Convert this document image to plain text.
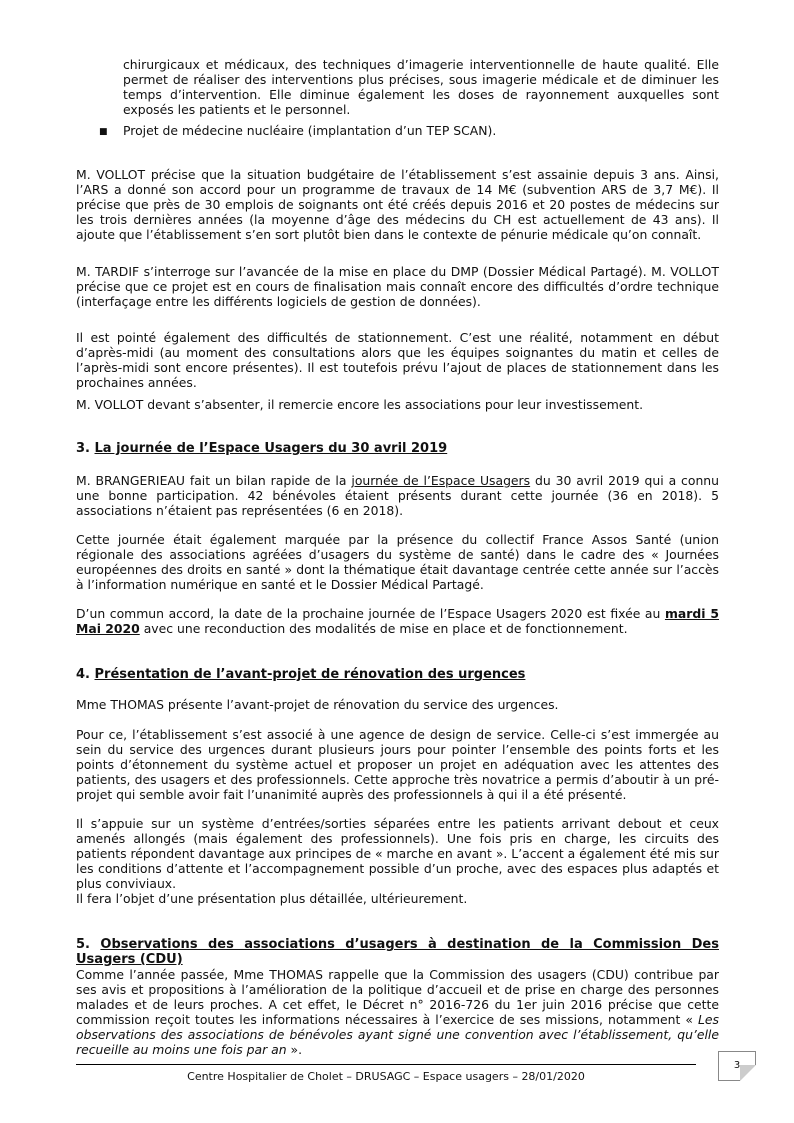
chirurgicaux et médicaux, des techniques d’imagerie interventionnelle de haute qualité. Elle permet de réaliser des interventions plus précises, sous imagerie médicale et de diminuer les temps d’intervention. Elle diminue également les doses de rayonnement auxquelles sont exposés les patients et le personnel.

■ Projet de médecine nucléaire (implantation d’un TEP SCAN).

M. VOLLOT précise que la situation budgétaire de l’établissement s’est assainie depuis 3 ans. Ainsi, l’ARS a donné son accord pour un programme de travaux de 14 M€ (subvention ARS de 3,7 M€). Il précise que près de 30 emplois de soignants ont été créés depuis 2016 et 20 postes de médecins sur les trois dernières années (la moyenne d’âge des médecins du CH est actuellement de 43 ans). Il ajoute que l’établissement s’en sort plutôt bien dans le contexte de pénurie médicale qu’on connaît.

M. TARDIF s’interroge sur l’avancée de la mise en place du DMP (Dossier Médical Partagé). M. VOLLOT précise que ce projet est en cours de finalisation mais connaît encore des difficultés d’ordre technique (interfaçage entre les différents logiciels de gestion de données).

Il est pointé également des difficultés de stationnement. C’est une réalité, notamment en début d’après-midi (au moment des consultations alors que les équipes soignantes du matin et celles de l’après-midi sont encore présentes). Il est toutefois prévu l’ajout de places de stationnement dans les prochaines années.

M. VOLLOT devant s’absenter, il remercie encore les associations pour leur investissement.

3. La journée de l’Espace Usagers du 30 avril 2019

M. BRANGERIEAU fait un bilan rapide de la journée de l’Espace Usagers du 30 avril 2019 qui a connu une bonne participation. 42 bénévoles étaient présents durant cette journée (36 en 2018). 5 associations n’étaient pas représentées (6 en 2018).

Cette journée était également marquée par la présence du collectif France Assos Santé (union régionale des associations agréées d’usagers du système de santé) dans le cadre des « Journées européennes des droits en santé » dont la thématique était davantage centrée cette année sur l’accès à l’information numérique en santé et le Dossier Médical Partagé.

D’un commun accord, la date de la prochaine journée de l’Espace Usagers 2020 est fixée au mardi 5 Mai 2020 avec une reconduction des modalités de mise en place et de fonctionnement.

4. Présentation de l’avant-projet de rénovation des urgences

Mme THOMAS présente l’avant-projet de rénovation du service des urgences.

Pour ce, l’établissement s’est associé à une agence de design de service. Celle-ci s’est immergée au sein du service des urgences durant plusieurs jours pour pointer l’ensemble des points forts et les points d’étonnement du système actuel et proposer un projet en adéquation avec les attentes des patients, des usagers et des professionnels. Cette approche très novatrice a permis d’aboutir à un pré-projet qui semble avoir fait l’unanimité auprès des professionnels à qui il a été présenté.

Il s’appuie sur un système d’entrées/sorties séparées entre les patients arrivant debout et ceux amenés allongés (mais également des professionnels). Une fois pris en charge, les circuits des patients répondent davantage aux principes de « marche en avant ». L’accent a également été mis sur les conditions d’attente et l’accompagnement possible d’un proche, avec des espaces plus adaptés et plus conviviaux.

Il fera l’objet d’une présentation plus détaillée, ultérieurement.

5. Observations des associations d’usagers à destination de la Commission Des Usagers (CDU)

Comme l’année passée, Mme THOMAS rappelle que la Commission des usagers (CDU) contribue par ses avis et propositions à l’amélioration de la politique d’accueil et de prise en charge des personnes malades et de leurs proches. A cet effet, le Décret n° 2016-726 du 1er juin 2016 précise que cette commission reçoit toutes les informations nécessaires à l’exercice de ses missions, notamment « Les observations des associations de bénévoles ayant signé une convention avec l’établissement, qu’elle recueille au moins une fois par an ».

Centre Hospitalier de Cholet – DRUSAGC – Espace usagers – 28/01/2020
3
